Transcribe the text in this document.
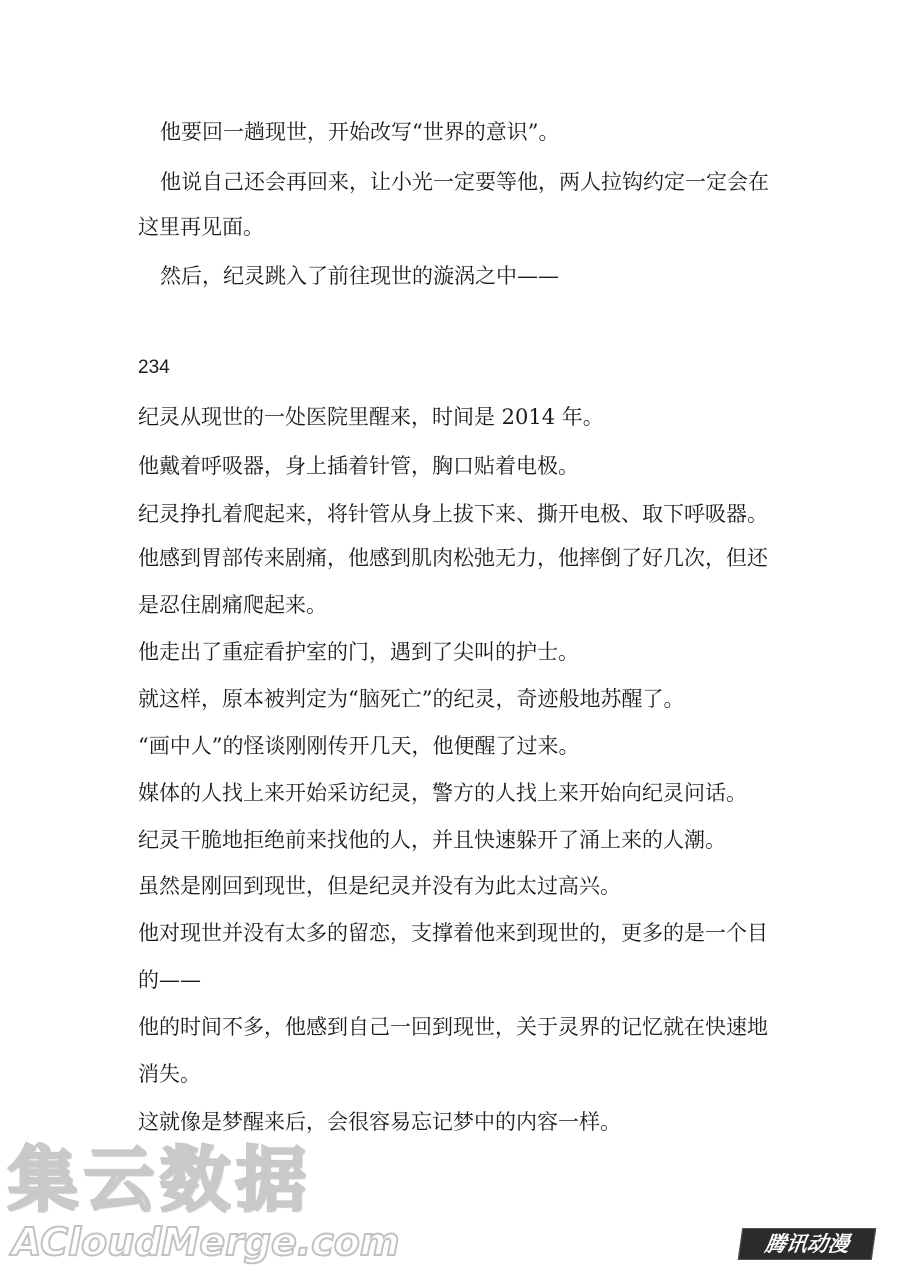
他要回一趟现世，开始改写“世界的意识”。
他说自己还会再回来，让小光一定要等他，两人拉钩约定一定会在
这里再见面。
然后，纪灵跳入了前往现世的漩涡之中——
234
纪灵从现世的一处医院里醒来，时间是 2014 年。
他戴着呼吸器，身上插着针管，胸口贴着电极。
纪灵挣扎着爬起来，将针管从身上拔下来、撕开电极、取下呼吸器。
他感到胃部传来剧痛，他感到肌肉松弛无力，他摔倒了好几次，但还
是忍住剧痛爬起来。
他走出了重症看护室的门，遇到了尖叫的护士。
就这样，原本被判定为“脑死亡”的纪灵，奇迹般地苏醒了。
“画中人”的怪谈刚刚传开几天，他便醒了过来。
媒体的人找上来开始采访纪灵，警方的人找上来开始向纪灵问话。
纪灵干脆地拒绝前来找他的人，并且快速躲开了涌上来的人潮。
虽然是刚回到现世，但是纪灵并没有为此太过高兴。
他对现世并没有太多的留恋，支撑着他来到现世的，更多的是一个目
的——
他的时间不多，他感到自己一回到现世，关于灵界的记忆就在快速地
消失。
这就像是梦醒来后，会很容易忘记梦中的内容一样。
集云数据
ACloudMerge.com	腾讯动漫
